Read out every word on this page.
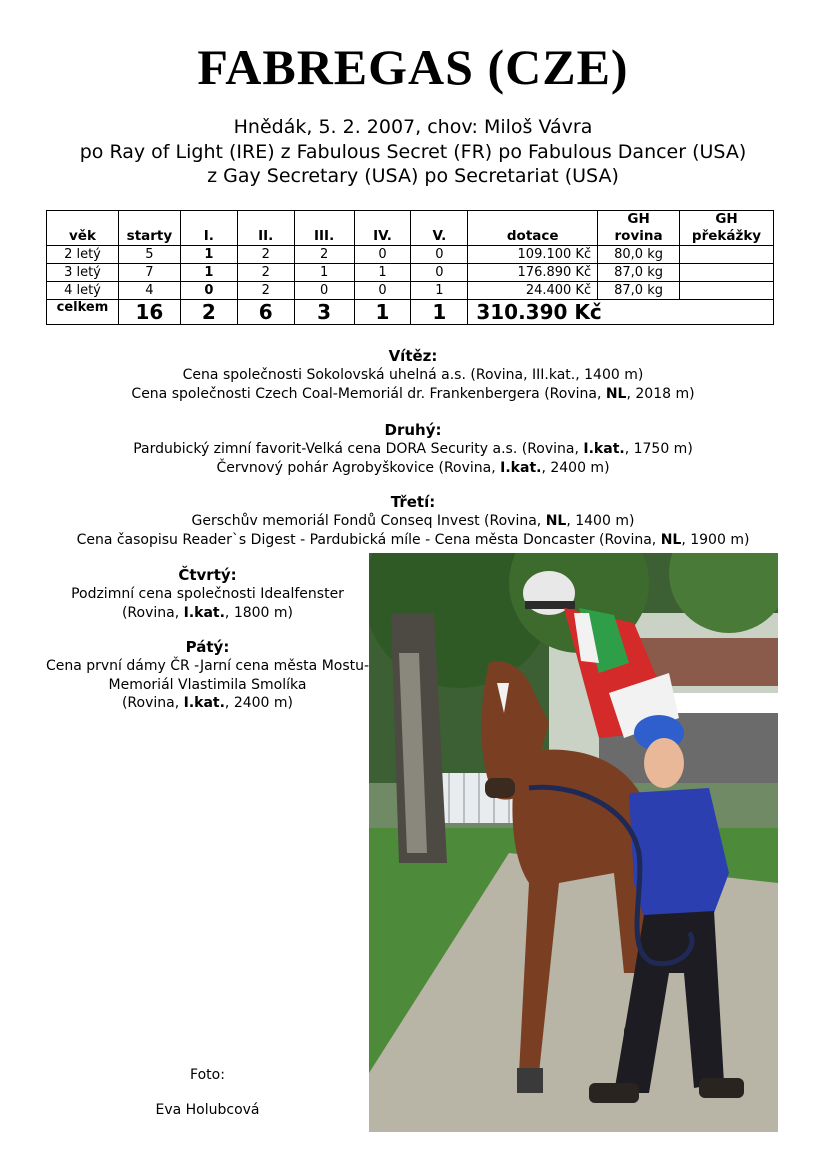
FABREGAS (CZE)
Hnědák, 5. 2. 2007, chov: Miloš Vávra
po Ray of Light (IRE) z Fabulous Secret (FR) po Fabulous Dancer (USA)
z Gay Secretary (USA) po Secretariat (USA)
věk	starty	I.	II.	III.	IV.	V.	dotace	GH rovina	GH překážky
2 letý	5	1	2	2	0	0	109.100 Kč	80,0 kg	
3 letý	7	1	2	1	1	0	176.890 Kč	87,0 kg	
4 letý	4	0	2	0	0	1	24.400 Kč	87,0 kg	
celkem	16	2	6	3	1	1	310.390 Kč		
Vítěz:
Cena společnosti Sokolovská uhelná a.s. (Rovina, III.kat., 1400 m)
Cena společnosti Czech Coal-Memoriál dr. Frankenbergera (Rovina, NL, 2018 m)
Druhý:
Pardubický zimní favorit-Velká cena DORA Security a.s. (Rovina, I.kat., 1750 m)
Červnový pohár Agrobyškovice (Rovina, I.kat., 2400 m)
Třetí:
Gerschův memoriál Fondů Conseq Invest (Rovina, NL, 1400 m)
Cena časopisu Reader`s Digest - Pardubická míle - Cena města Doncaster (Rovina, NL, 1900 m)
Čtvrtý:
Podzimní cena společnosti Idealfenster
(Rovina, I.kat., 1800 m)
Pátý:
Cena první dámy ČR -Jarní cena města Mostu-
Memoriál Vlastimila Smolíka
(Rovina, I.kat., 2400 m)
Foto:
Eva Holubcová
